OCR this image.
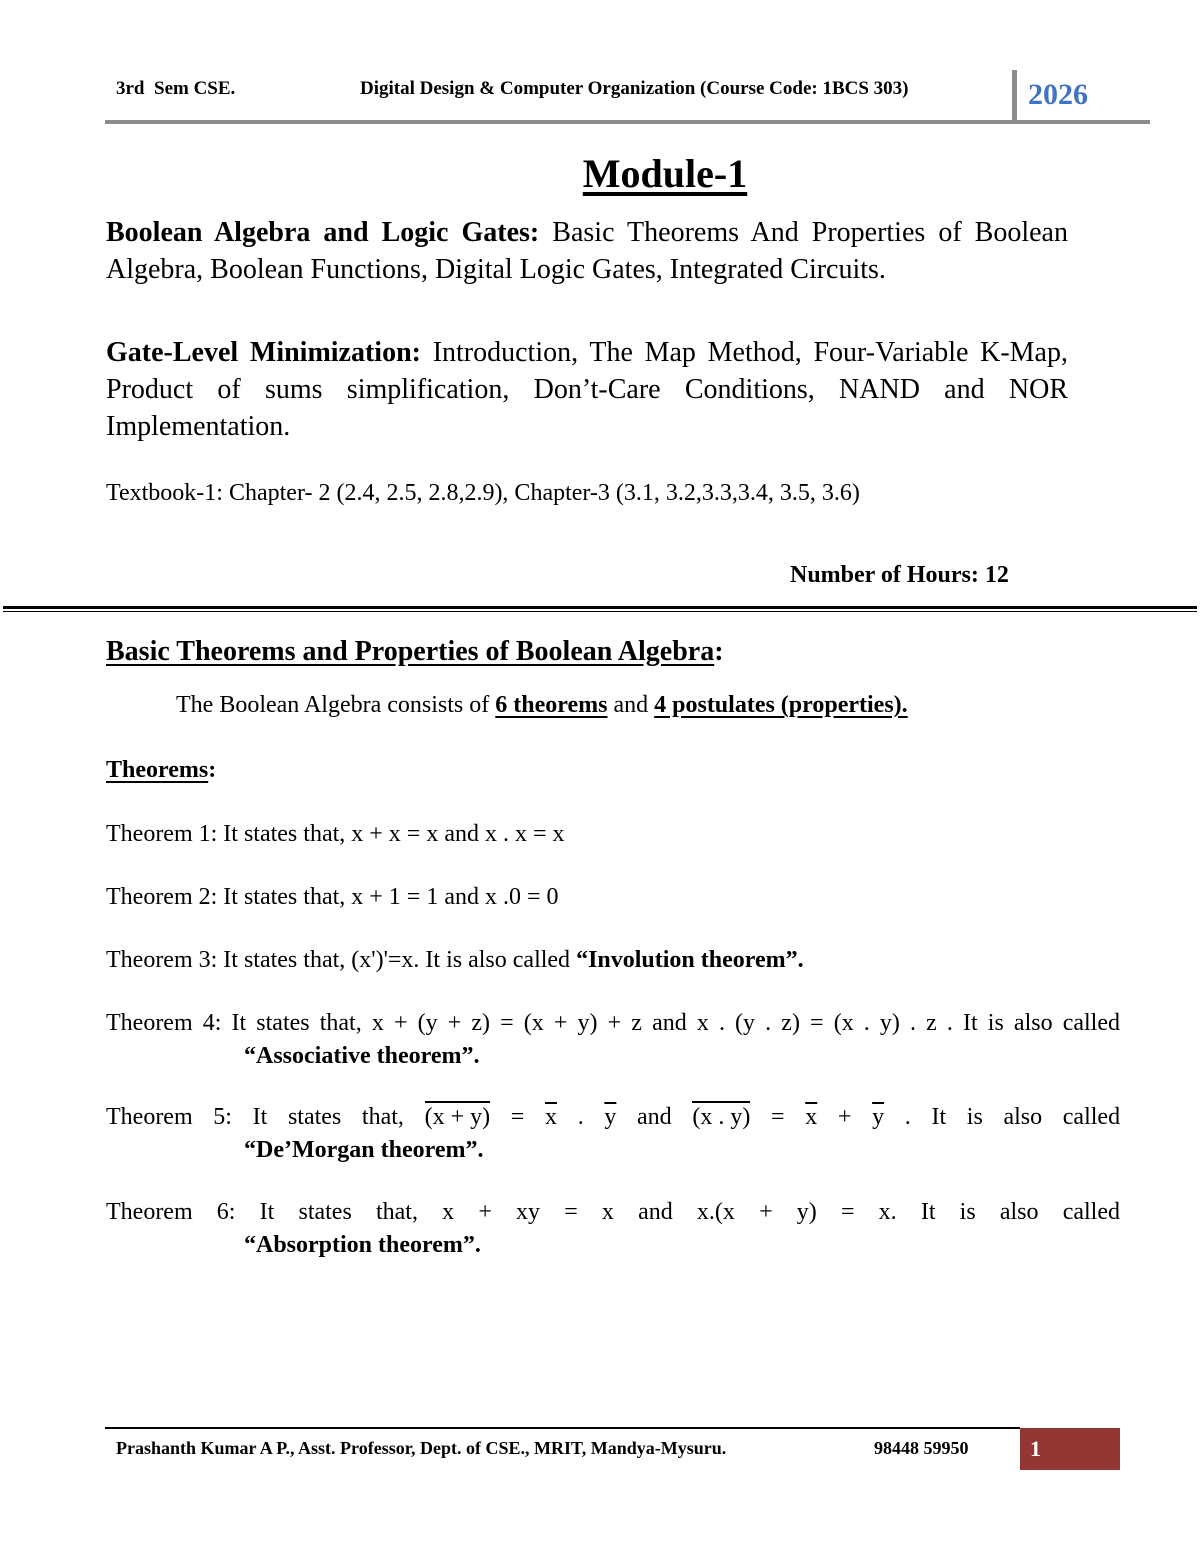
3rd  Sem CSE.	Digital Design & Computer Organization (Course Code: 1BCS 303)	2026
Module-1
Boolean Algebra and Logic Gates: Basic Theorems And Properties of Boolean Algebra, Boolean Functions, Digital Logic Gates, Integrated Circuits.
Gate-Level Minimization: Introduction, The Map Method, Four-Variable K-Map, Product of sums simplification, Don’t-Care Conditions, NAND and NOR Implementation.
Textbook-1: Chapter- 2 (2.4, 2.5, 2.8,2.9), Chapter-3 (3.1, 3.2,3.3,3.4, 3.5, 3.6)
Number of Hours: 12
Basic Theorems and Properties of Boolean Algebra:
The Boolean Algebra consists of 6 theorems and 4 postulates (properties).
Theorems:
Theorem 1: It states that, x + x = x and x . x = x
Theorem 2: It states that, x + 1 = 1 and x .0 = 0
Theorem 3: It states that, (x')'=x. It is also called “Involution theorem”.
Theorem 4: It states that, x + (y + z) = (x + y) + z and x . (y . z) = (x . y) . z . It is also called
“Associative theorem”.
Theorem 5: It states that, $(x + y) = \overline{x}$ . $\overline{y}$ and (x . $y) = \overline{x} + \overline{y}$ . It is also called
“De’Morgan theorem”.
Theorem 6: It states that, x + xy = x and x.(x + y) = x. It is also called
“Absorption theorem”.
Prashanth Kumar A P., Asst. Professor, Dept. of CSE., MRIT, Mandya-Mysuru.	98448 59950	1
